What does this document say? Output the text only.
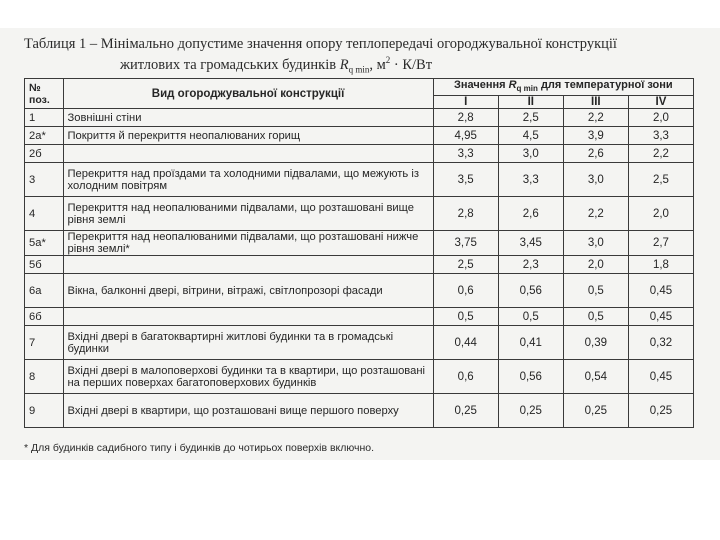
Таблиця 1 – Мінімально допустиме значення опору теплопередачі огороджувальної конструкції
житлових та громадських будинків $R_{q min}$, $м^2 \cdot К/Вт$
№ поз.	Вид огороджувальної конструкції	Значення $R_{q min}$ для температурної зони			
		I	II	III	IV
1	Зовнішні стіни	2,8	2,5	2,2	2,0
2а*	Покриття й перекриття неопалюваних горищ	4,95	4,5	3,9	3,3
2б		3,3	3,0	2,6	2,2
3	Перекриття над проїздами та холодними підвалами, що межують із холодним повітрям	3,5	3,3	3,0	2,5
4	Перекриття над неопалюваними підвалами, що розташовані вище рівня землі	2,8	2,6	2,2	2,0
5а*	Перекриття над неопалюваними підвалами, що розташовані нижче рівня землі*	3,75	3,45	3,0	2,7
5б		2,5	2,3	2,0	1,8
6а	Вікна, балконні двері, вітрини, вітражі, світлопрозорі фасади	0,6	0,56	0,5	0,45
6б		0,5	0,5	0,5	0,45
7	Вхідні двері в багатоквартирні житлові будинки та в громадські будинки	0,44	0,41	0,39	0,32
8	Вхідні двері в малоповерхові будинки та в квартири, що розташовані на перших поверхах багатоповерхових будинків	0,6	0,56	0,54	0,45
9	Вхідні двері в квартири, що розташовані вище першого поверху	0,25	0,25	0,25	0,25
* Для будинків садибного типу і будинків до чотирьох поверхів включно.
